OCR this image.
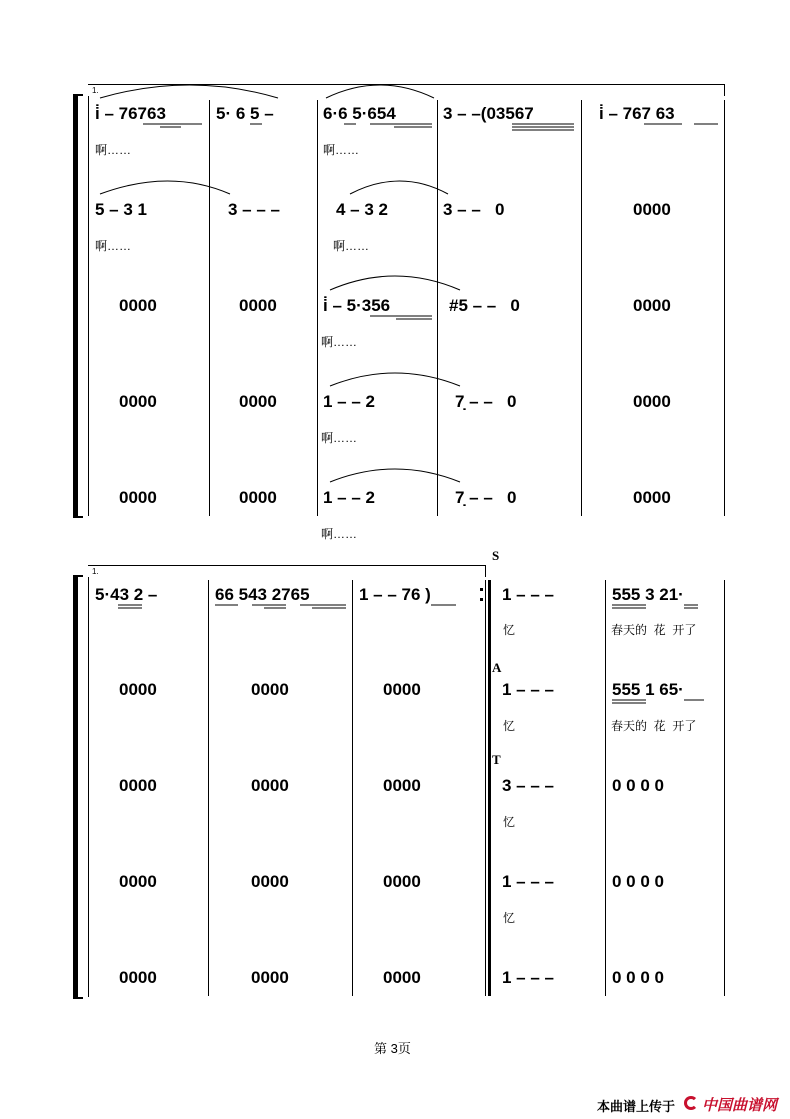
1.
i̇ – 76763	5· 6 5 –	6·6 5·654	3 – –(03567	i̇ – 767 63
啊……	啊……
5 – 3 1	3 – – –	4 – 3 2	3 – –   0	0000
啊……	啊……
0000	0000	i̇ – 5·356	#5 – –   0	0000
啊……
0000	0000	1 – – 2	7̣ – –   0	0000
啊……
0000	0000	1 – – 2	7̣ – –   0	0000
啊……
1.
S
A
T
5·43 2 –	66 543 2765	1 – – 76 )	1 – – –	555 3 21·
忆	春天的  花  开了
0000	0000	0000	1 – – –	555 1 65·
忆	春天的  花  开了
0000	0000	0000	3 – – –	0 0 0 0
忆
0000	0000	0000	1 – – –	0 0 0 0
忆
0000	0000	0000	1 – – –	0 0 0 0
第 3页
本曲谱上传于 中国曲谱网
